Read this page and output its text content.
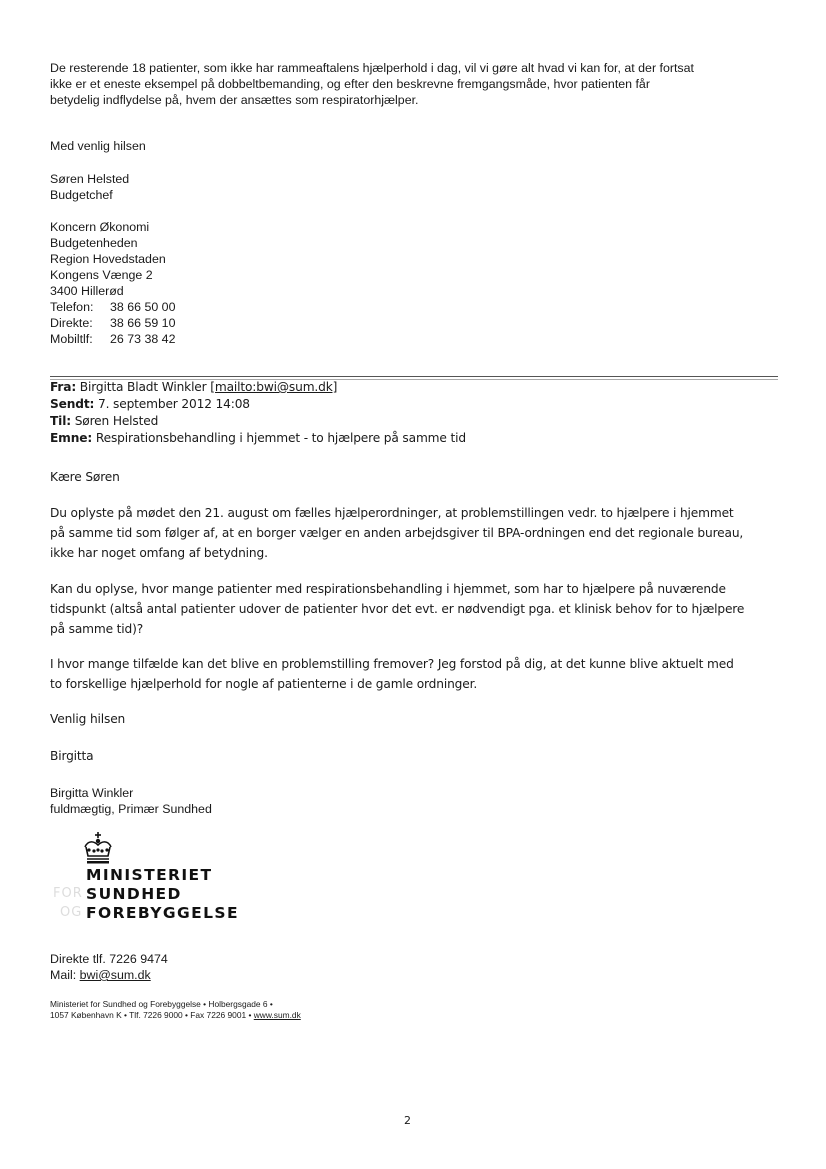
De resterende 18 patienter, som ikke har rammeaftalens hjælperhold i dag, vil vi gøre alt hvad vi kan for, at der fortsat

ikke er et eneste eksempel på dobbeltbemanding, og efter den beskrevne fremgangsmåde, hvor patienten får

betydelig indflydelse på, hvem der ansættes som respiratorhjælper.

Med venlig hilsen

Søren Helsted

Budgetchef

Koncern Økonomi

Budgetenheden

Region Hovedstaden

Kongens Vænge 2

3400 Hillerød

Telefon: 38 66 50 00

Direkte: 38 66 59 10

Mobiltlf: 26 73 38 42

Fra: Birgitta Bladt Winkler [mailto:bwi@sum.dk]

Sendt: 7. september 2012 14:08

Til: Søren Helsted

Emne: Respirationsbehandling i hjemmet - to hjælpere på samme tid

Kære Søren

Du oplyste på mødet den 21. august om fælles hjælperordninger, at problemstillingen vedr. to hjælpere i hjemmet

på samme tid som følger af, at en borger vælger en anden arbejdsgiver til BPA-ordningen end det regionale bureau,

ikke har noget omfang af betydning.

Kan du oplyse, hvor mange patienter med respirationsbehandling i hjemmet, som har to hjælpere på nuværende

tidspunkt (altså antal patienter udover de patienter hvor det evt. er nødvendigt pga. et klinisk behov for to hjælpere

på samme tid)?

I hvor mange tilfælde kan det blive en problemstilling fremover? Jeg forstod på dig, at det kunne blive aktuelt med

to forskellige hjælperhold for nogle af patienterne i de gamle ordninger.

Venlig hilsen

Birgitta

Birgitta Winkler

fuldmægtig, Primær Sundhed

MINISTERIET
FOR SUNDHED
OG FOREBYGGELSE

Direkte tlf. 7226 9474

Mail: bwi@sum.dk

Ministeriet for Sundhed og Forebyggelse • Holbergsgade 6 •

1057 København K • Tlf. 7226 9000 • Fax 7226 9001 • www.sum.dk

2
